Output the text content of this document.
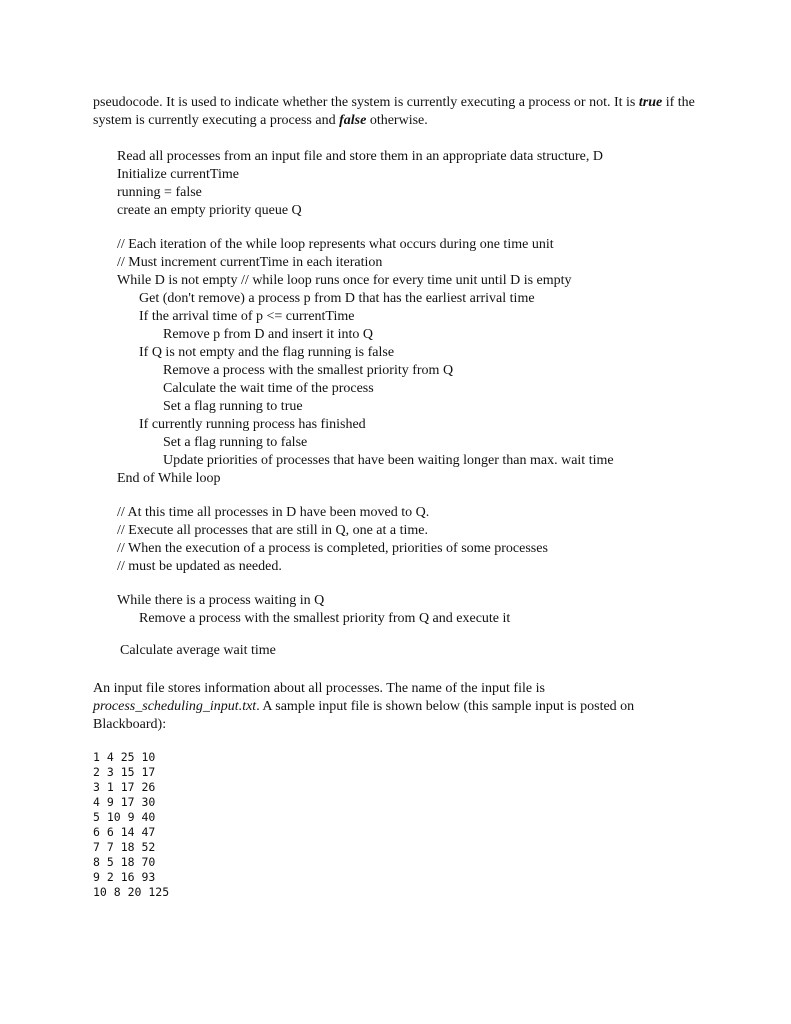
pseudocode. It is used to indicate whether the system is currently executing a process or not. It is true if the system is currently executing a process and false otherwise.

Read all processes from an input file and store them in an appropriate data structure, D
Initialize currentTime
running = false
create an empty priority queue Q
// Each iteration of the while loop represents what occurs during one time unit
// Must increment currentTime in each iteration
While D is not empty // while loop runs once for every time unit until D is empty
Get (don't remove) a process p from D that has the earliest arrival time
If the arrival time of p <= currentTime
Remove p from D and insert it into Q
If Q is not empty and the flag running is false
Remove a process with the smallest priority from Q
Calculate the wait time of the process
Set a flag running to true
If currently running process has finished
Set a flag running to false
Update priorities of processes that have been waiting longer than max. wait time
End of While loop
// At this time all processes in D have been moved to Q.
// Execute all processes that are still in Q, one at a time.
// When the execution of a process is completed, priorities of some processes
// must be updated as needed.
While there is a process waiting in Q
Remove a process with the smallest priority from Q and execute it
Calculate average wait time

An input file stores information about all processes. The name of the input file is process_scheduling_input.txt. A sample input file is shown below (this sample input is posted on Blackboard):

1 4 25 10
2 3 15 17
3 1 17 26
4 9 17 30
5 10 9 40
6 6 14 47
7 7 18 52
8 5 18 70
9 2 16 93
10 8 20 125
